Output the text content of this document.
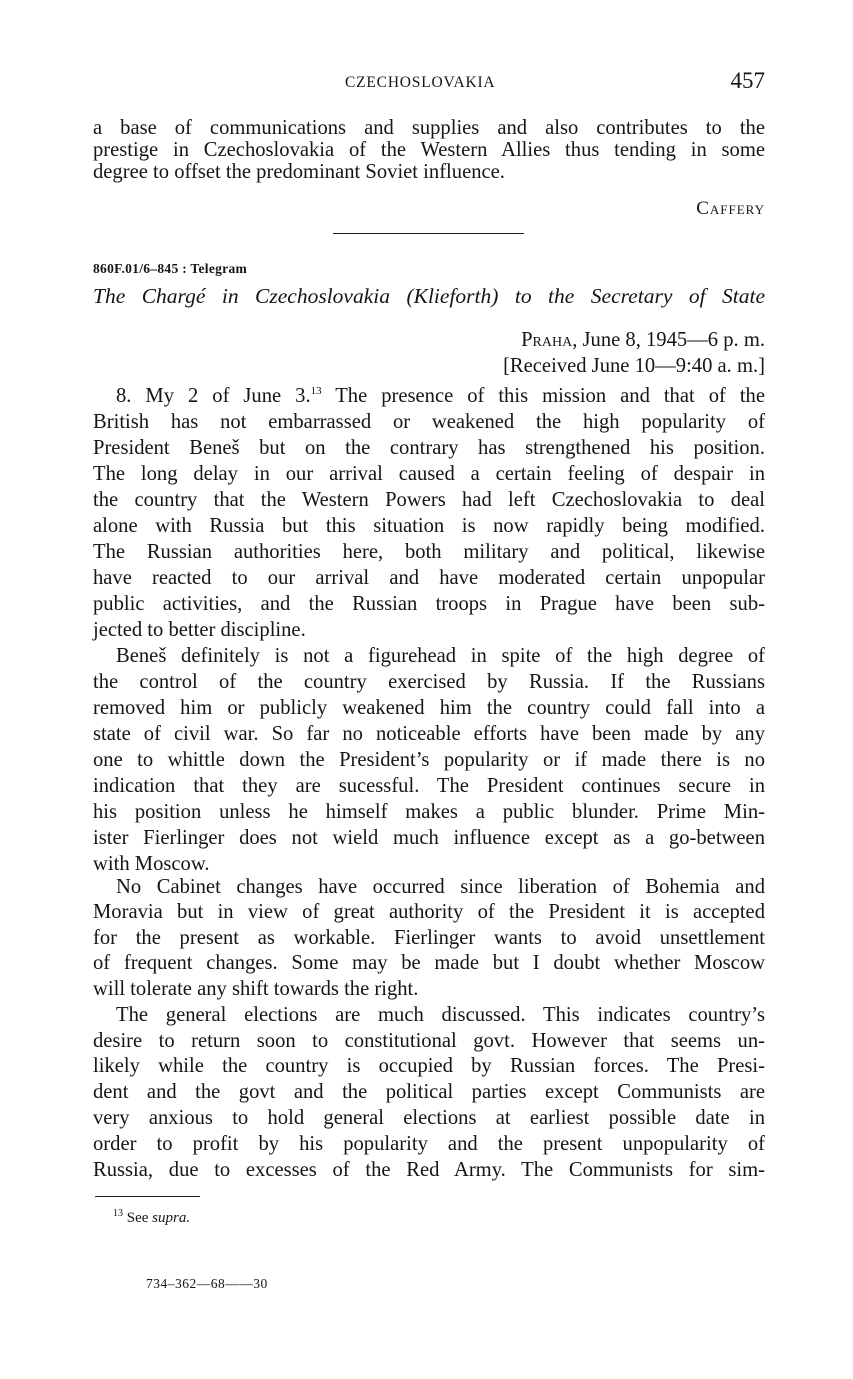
CZECHOSLOVAKIA	457
a base of communications and supplies and also contributes to the
prestige in Czechoslovakia of the Western Allies thus tending in some
degree to offset the predominant Soviet influence.
Caffery
860F.01/6–845 : Telegram
The Chargé in Czechoslovakia (Klieforth) to the Secretary of State
Praha, June 8, 1945—6 p. m.
[Received June 10—9:40 a. m.]
8. My 2 of June 3.13 The presence of this mission and that of the
British has not embarrassed or weakened the high popularity of
President Beneš but on the contrary has strengthened his position.
The long delay in our arrival caused a certain feeling of despair in
the country that the Western Powers had left Czechoslovakia to deal
alone with Russia but this situation is now rapidly being modified.
The Russian authorities here, both military and political, likewise
have reacted to our arrival and have moderated certain unpopular
public activities, and the Russian troops in Prague have been sub-
jected to better discipline.
Beneš definitely is not a figurehead in spite of the high degree of
the control of the country exercised by Russia. If the Russians
removed him or publicly weakened him the country could fall into a
state of civil war. So far no noticeable efforts have been made by any
one to whittle down the President’s popularity or if made there is no
indication that they are sucessful. The President continues secure in
his position unless he himself makes a public blunder. Prime Min-
ister Fierlinger does not wield much influence except as a go-between
with Moscow.
No Cabinet changes have occurred since liberation of Bohemia and
Moravia but in view of great authority of the President it is accepted
for the present as workable. Fierlinger wants to avoid unsettlement
of frequent changes. Some may be made but I doubt whether Moscow
will tolerate any shift towards the right.
The general elections are much discussed. This indicates country’s
desire to return soon to constitutional govt. However that seems un-
likely while the country is occupied by Russian forces. The Presi-
dent and the govt and the political parties except Communists are
very anxious to hold general elections at earliest possible date in
order to profit by his popularity and the present unpopularity of
Russia, due to excesses of the Red Army. The Communists for sim-
$^{13}$ See supra.
734–362—68——30
